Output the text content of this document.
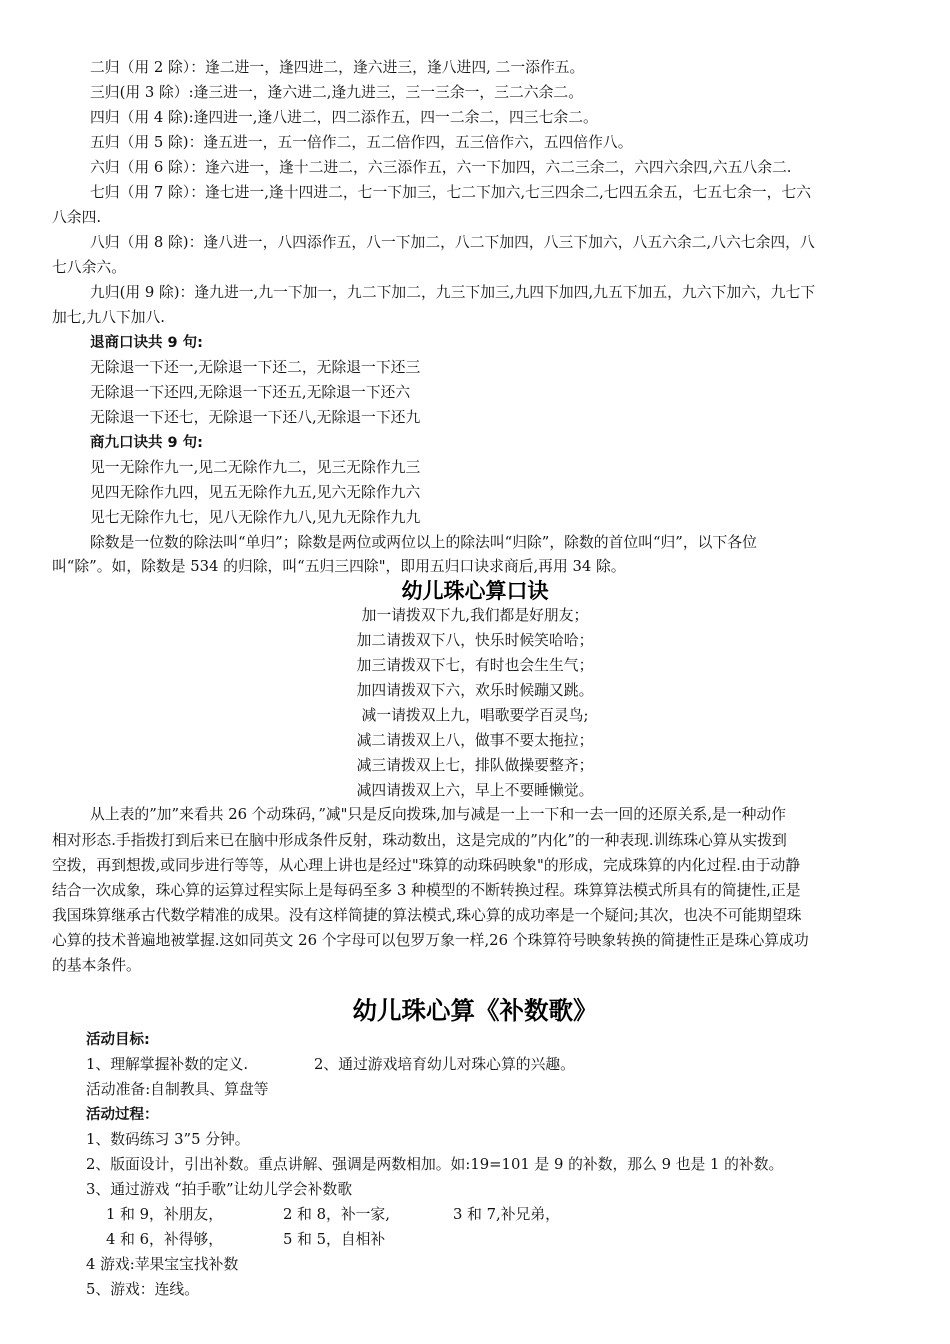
二归（用 2 除）：逢二进一，逢四进二，逢六进三，逢八进四, 二一添作五。
三归(用 3 除）:逢三进一，逢六进二,逢九进三，三一三余一，三二六余二。
四归（用 4 除):逢四进一,逢八进二，四二添作五，四一二余二，四三七余二。
五归（用 5 除)：逢五进一，五一倍作二，五二倍作四，五三倍作六，五四倍作八。
六归（用 6 除）：逢六进一，逢十二进二，六三添作五，六一下加四，六二三余二，六四六余四,六五八余二.
七归（用 7 除）：逢七进一,逢十四进二，七一下加三，七二下加六,七三四余二,七四五余五，七五七余一，七六
八余四.
八归（用 8 除)：逢八进一，八四添作五，八一下加二，八二下加四，八三下加六，八五六余二,八六七余四，八
七八余六。
九归(用 9 除)：逢九进一,九一下加一，九二下加二，九三下加三,九四下加四,九五下加五，九六下加六，九七下
加七,九八下加八.
退商口诀共 9 句:
无除退一下还一,无除退一下还二，无除退一下还三
无除退一下还四,无除退一下还五,无除退一下还六
无除退一下还七，无除退一下还八,无除退一下还九
商九口诀共 9 句:
见一无除作九一,见二无除作九二，见三无除作九三
见四无除作九四，见五无除作九五,见六无除作九六
见七无除作九七，见八无除作九八,见九无除作九九
除数是一位数的除法叫“单归”；除数是两位或两位以上的除法叫“归除”，除数的首位叫“归”，以下各位
叫“除”。如，除数是 534 的归除，叫“五归三四除"，即用五归口诀求商后,再用 34 除。
幼儿珠心算口诀
加一请拨双下九,我们都是好朋友；
加二请拨双下八，快乐时候笑哈哈；
加三请拨双下七，有时也会生生气；
加四请拨双下六，欢乐时候蹦又跳。
减一请拨双上九，唱歌要学百灵鸟;
减二请拨双上八，做事不要太拖拉；
减三请拨双上七，排队做操要整齐；
减四请拨双上六，早上不要睡懒觉。
从上表的”加”来看共 26 个动珠码，”减"只是反向拨珠,加与减是一上一下和一去一回的还原关系,是一种动作
相对形态.手指拨打到后来已在脑中形成条件反射，珠动数出，这是完成的”内化”的一种表现.训练珠心算从实拨到
空拨，再到想拨,或同步进行等等，从心理上讲也是经过"珠算的动珠码映象"的形成，完成珠算的内化过程.由于动静
结合一次成象，珠心算的运算过程实际上是每码至多 3 种模型的不断转换过程。珠算算法模式所具有的简捷性,正是
我国珠算继承古代数学精准的成果。没有这样简捷的算法模式,珠心算的成功率是一个疑问;其次，也决不可能期望珠
心算的技术普遍地被掌握.这如同英文 26 个字母可以包罗万象一样,26 个珠算符号映象转换的简捷性正是珠心算成功
的基本条件。
幼儿珠心算《补数歌》
活动目标:
1、理解掌握补数的定义.	2、通过游戏培育幼儿对珠心算的兴趣。
活动准备:自制教具、算盘等
活动过程：
1、数码练习 3”5 分钟。
2、版面设计，引出补数。重点讲解、强调是两数相加。如:19=101 是 9 的补数，那么 9 也是 1 的补数。
3、通过游戏 “拍手歌”让幼儿学会补数歌
1 和 9，补朋友，	2 和 8，补一家,	3 和 7,补兄弟，
4 和 6，补得够，	5 和 5，自相补
4 游戏:苹果宝宝找补数
5、游戏：连线。
